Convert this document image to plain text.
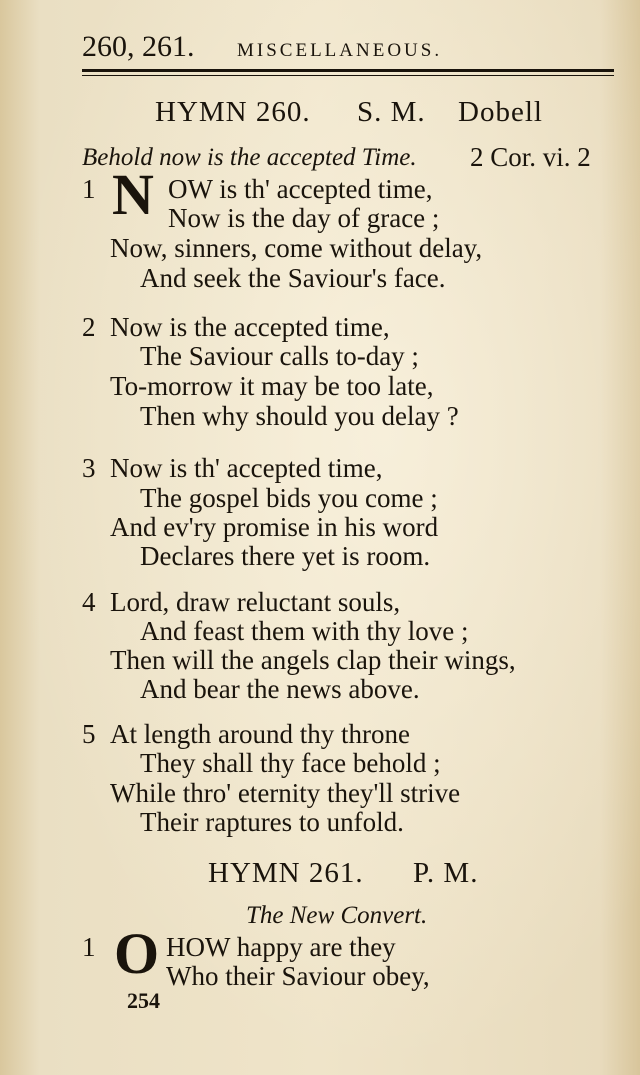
260, 261. MISCELLANEOUS.
HYMN 260. S. M. Dobell
Behold now is the accepted Time. 2 Cor. vi. 2
1 N OW is th' accepted time,
Now is the day of grace ;
Now, sinners, come without delay,
And seek the Saviour's face.
2 Now is the accepted time,
The Saviour calls to-day ;
To-morrow it may be too late,
Then why should you delay ?
3 Now is th' accepted time,
The gospel bids you come ;
And ev'ry promise in his word
Declares there yet is room.
4 Lord, draw reluctant souls,
And feast them with thy love ;
Then will the angels clap their wings,
And bear the news above.
5 At length around thy throne
They shall thy face behold ;
While thro' eternity they'll strive
Their raptures to unfold.
HYMN 261. P. M.
The New Convert.
1 O HOW happy are they
Who their Saviour obey,
254
